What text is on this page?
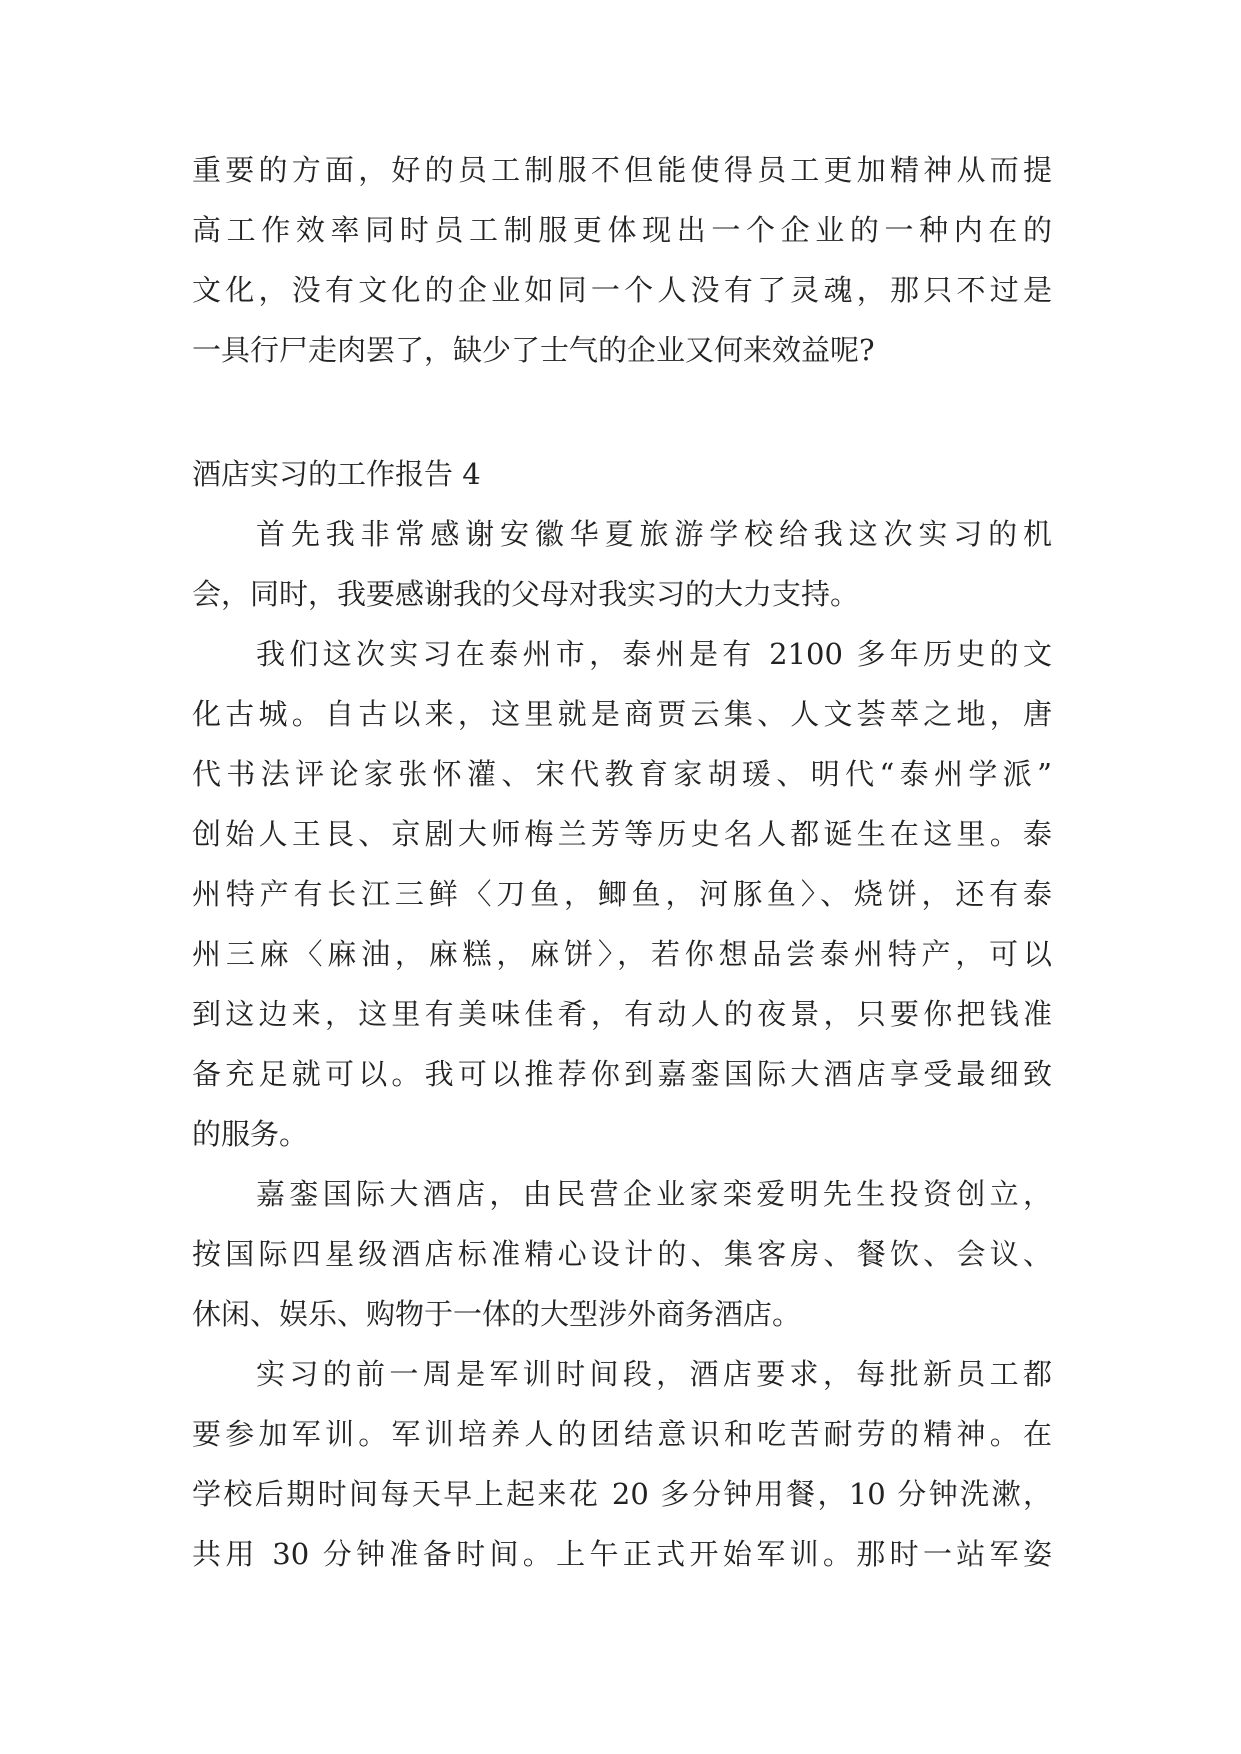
重要的方面，好的员工制服不但能使得员工更加精神从而提
高工作效率同时员工制服更体现出一个企业的一种内在的
文化，没有文化的企业如同一个人没有了灵魂，那只不过是
一具行尸走肉罢了，缺少了士气的企业又何来效益呢?
酒店实习的工作报告 4
首先我非常感谢安徽华夏旅游学校给我这次实习的机
会，同时，我要感谢我的父母对我实习的大力支持。
我们这次实习在泰州市，泰州是有 2100 多年历史的文
化古城。自古以来，这里就是商贾云集、人文荟萃之地，唐
代书法评论家张怀灌、宋代教育家胡瑗、明代“泰州学派”
创始人王艮、京剧大师梅兰芳等历史名人都诞生在这里。泰
州特产有长江三鲜〈刀鱼，鲫鱼，河豚鱼〉、烧饼，还有泰
州三麻〈麻油，麻糕，麻饼〉，若你想品尝泰州特产，可以
到这边来，这里有美味佳肴，有动人的夜景，只要你把钱准
备充足就可以。我可以推荐你到嘉銮国际大酒店享受最细致
的服务。
嘉銮国际大酒店，由民营企业家栾爱明先生投资创立，
按国际四星级酒店标准精心设计的、集客房、餐饮、会议、
休闲、娱乐、购物于一体的大型涉外商务酒店。
实习的前一周是军训时间段，酒店要求，每批新员工都
要参加军训。军训培养人的团结意识和吃苦耐劳的精神。在
学校后期时间每天早上起来花 20 多分钟用餐，10 分钟洗漱，
共用 30 分钟准备时间。上午正式开始军训。那时一站军姿
